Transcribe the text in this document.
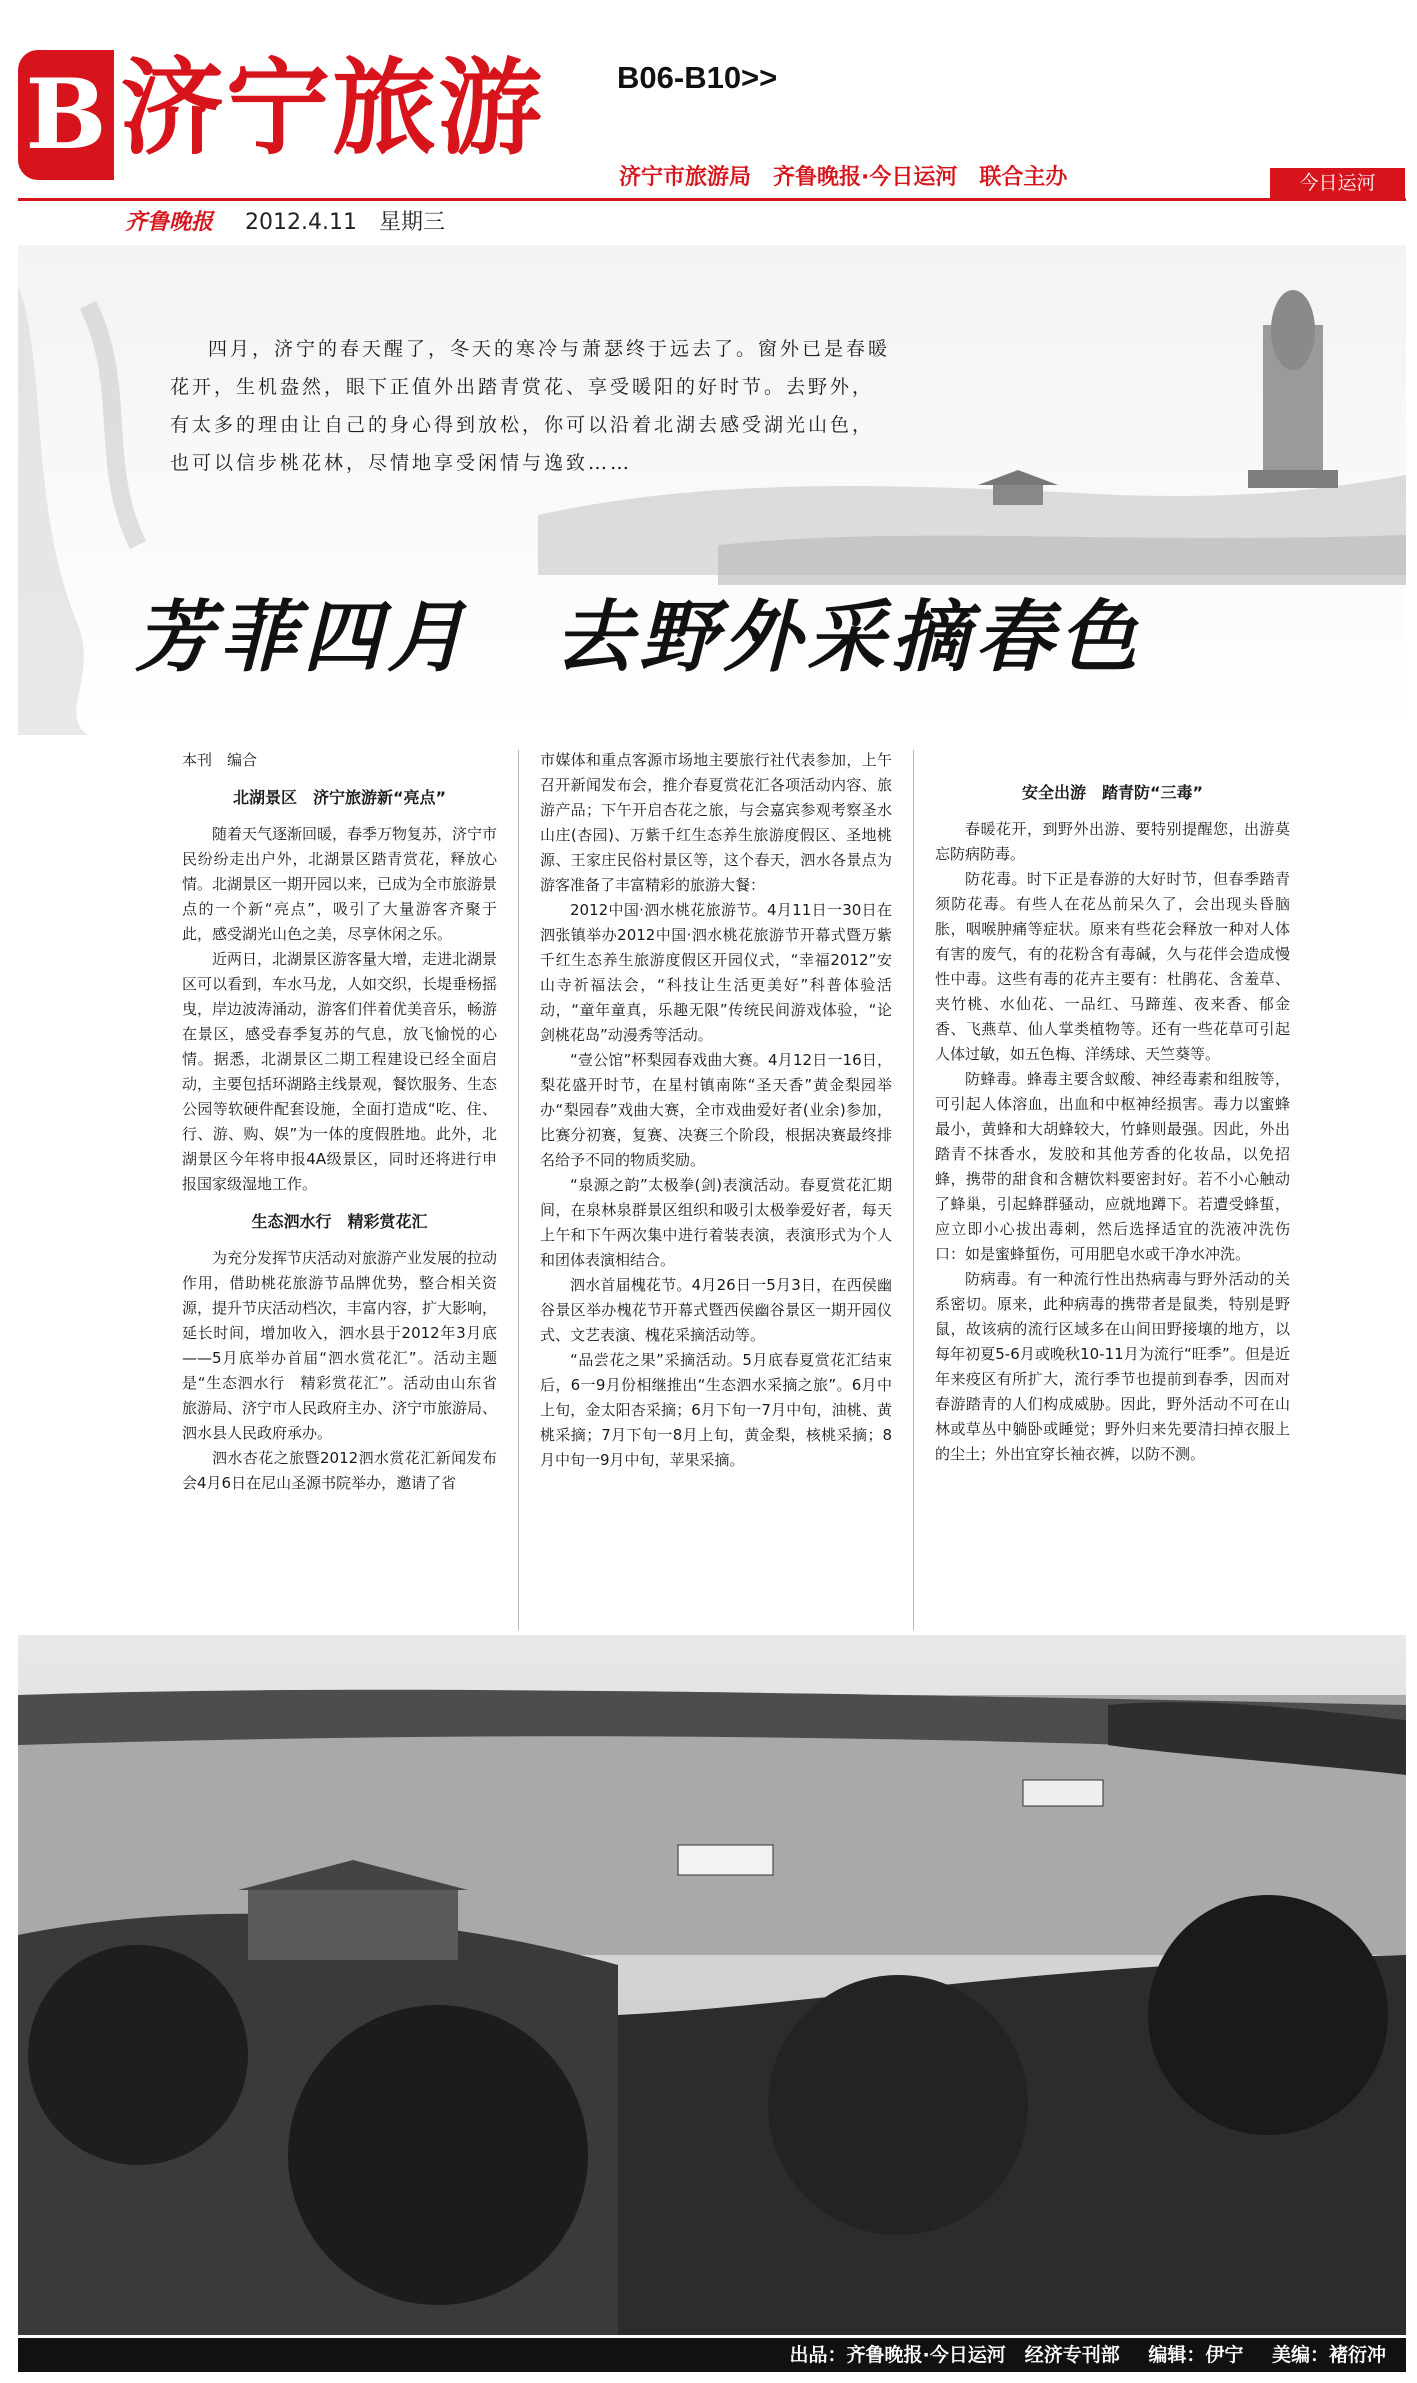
B 济宁旅游 B06-B10>>
济宁市旅游局　齐鲁晚报·今日运河　联合主办	今日运河
齐鲁晚报 2012.4.11　星期三
四月，济宁的春天醒了，冬天的寒冷与萧瑟终于远去了。窗外已是春暖花开，生机盎然，眼下正值外出踏青赏花、享受暖阳的好时节。去野外，有太多的理由让自己的身心得到放松，你可以沿着北湖去感受湖光山色，也可以信步桃花林，尽情地享受闲情与逸致……
芳菲四月　去野外采摘春色

本刊　编合

北湖景区　济宁旅游新“亮点”

随着天气逐渐回暖，春季万物复苏，济宁市民纷纷走出户外，北湖景区踏青赏花，释放心情。北湖景区一期开园以来，已成为全市旅游景点的一个新“亮点”，吸引了大量游客齐聚于此，感受湖光山色之美，尽享休闲之乐。

近两日，北湖景区游客量大增，走进北湖景区可以看到，车水马龙，人如交织，长堤垂杨摇曳，岸边波涛涌动，游客们伴着优美音乐，畅游在景区，感受春季复苏的气息，放飞愉悦的心情。据悉，北湖景区二期工程建设已经全面启动，主要包括环湖路主线景观，餐饮服务、生态公园等软硬件配套设施，全面打造成“吃、住、行、游、购、娱”为一体的度假胜地。此外，北湖景区今年将申报4A级景区，同时还将进行申报国家级湿地工作。

生态泗水行　精彩赏花汇

为充分发挥节庆活动对旅游产业发展的拉动作用，借助桃花旅游节品牌优势，整合相关资源，提升节庆活动档次，丰富内容，扩大影响，延长时间，增加收入，泗水县于2012年3月底——5月底举办首届“泗水赏花汇”。活动主题是“生态泗水行　精彩赏花汇”。活动由山东省旅游局、济宁市人民政府主办、济宁市旅游局、泗水县人民政府承办。

泗水杏花之旅暨2012泗水赏花汇新闻发布会4月6日在尼山圣源书院举办，邀请了省

市媒体和重点客源市场地主要旅行社代表参加，上午召开新闻发布会，推介春夏赏花汇各项活动内容、旅游产品；下午开启杏花之旅，与会嘉宾参观考察圣水山庄(杏园)、万紫千红生态养生旅游度假区、圣地桃源、王家庄民俗村景区等，这个春天，泗水各景点为游客准备了丰富精彩的旅游大餐：

2012中国·泗水桃花旅游节。4月11日一30日在泗张镇举办2012中国·泗水桃花旅游节开幕式暨万紫千红生态养生旅游度假区开园仪式，“幸福2012”安山寺祈福法会，“科技让生活更美好”科普体验活动，“童年童真，乐趣无限”传统民间游戏体验，“论剑桃花岛”动漫秀等活动。

“壹公馆”杯梨园春戏曲大赛。4月12日一16日，梨花盛开时节，在星村镇南陈“圣天香”黄金梨园举办“梨园春”戏曲大赛，全市戏曲爱好者(业余)参加，比赛分初赛，复赛、决赛三个阶段，根据决赛最终排名给予不同的物质奖励。

“泉源之韵”太极拳(剑)表演活动。春夏赏花汇期间，在泉林泉群景区组织和吸引太极拳爱好者，每天上午和下午两次集中进行着装表演，表演形式为个人和团体表演相结合。

泗水首届槐花节。4月26日一5月3日，在西侯幽谷景区举办槐花节开幕式暨西侯幽谷景区一期开园仪式、文艺表演、槐花采摘活动等。

“品尝花之果”采摘活动。5月底春夏赏花汇结束后，6一9月份相继推出“生态泗水采摘之旅”。6月中上旬，金太阳杏采摘；6月下旬一7月中旬，油桃、黄桃采摘；7月下旬一8月上旬，黄金梨，核桃采摘；8月中旬一9月中旬，苹果采摘。

安全出游　踏青防“三毒”

春暖花开，到野外出游、要特别提醒您，出游莫忘防病防毒。

防花毒。时下正是春游的大好时节，但春季踏青须防花毒。有些人在花丛前呆久了，会出现头昏脑胀，咽喉肿痛等症状。原来有些花会释放一种对人体有害的废气，有的花粉含有毒碱，久与花伴会造成慢性中毒。这些有毒的花卉主要有：杜鹃花、含羞草、夹竹桃、水仙花、一品红、马蹄莲、夜来香、郁金香、飞燕草、仙人掌类植物等。还有一些花草可引起人体过敏，如五色梅、洋绣球、天竺葵等。

防蜂毒。蜂毒主要含蚁酸、神经毒素和组胺等，可引起人体溶血，出血和中枢神经损害。毒力以蜜蜂最小，黄蜂和大胡蜂较大，竹蜂则最强。因此，外出踏青不抹香水，发胶和其他芳香的化妆品，以免招蜂，携带的甜食和含糖饮料要密封好。若不小心触动了蜂巢，引起蜂群骚动，应就地蹲下。若遭受蜂蜇，应立即小心拔出毒刺，然后选择适宜的洗液冲洗伤口：如是蜜蜂蜇伤，可用肥皂水或干净水冲洗。

防病毒。有一种流行性出热病毒与野外活动的关系密切。原来，此种病毒的携带者是鼠类，特别是野鼠，故该病的流行区域多在山间田野接壤的地方，以每年初夏5-6月或晚秋10-11月为流行“旺季”。但是近年来疫区有所扩大，流行季节也提前到春季，因而对春游踏青的人们构成威胁。因此，野外活动不可在山林或草丛中躺卧或睡觉；野外归来先要清扫掉衣服上的尘土；外出宜穿长袖衣裤，以防不测。

出品：齐鲁晚报·今日运河　经济专刊部 编辑：伊宁 美编：褚衍冲
